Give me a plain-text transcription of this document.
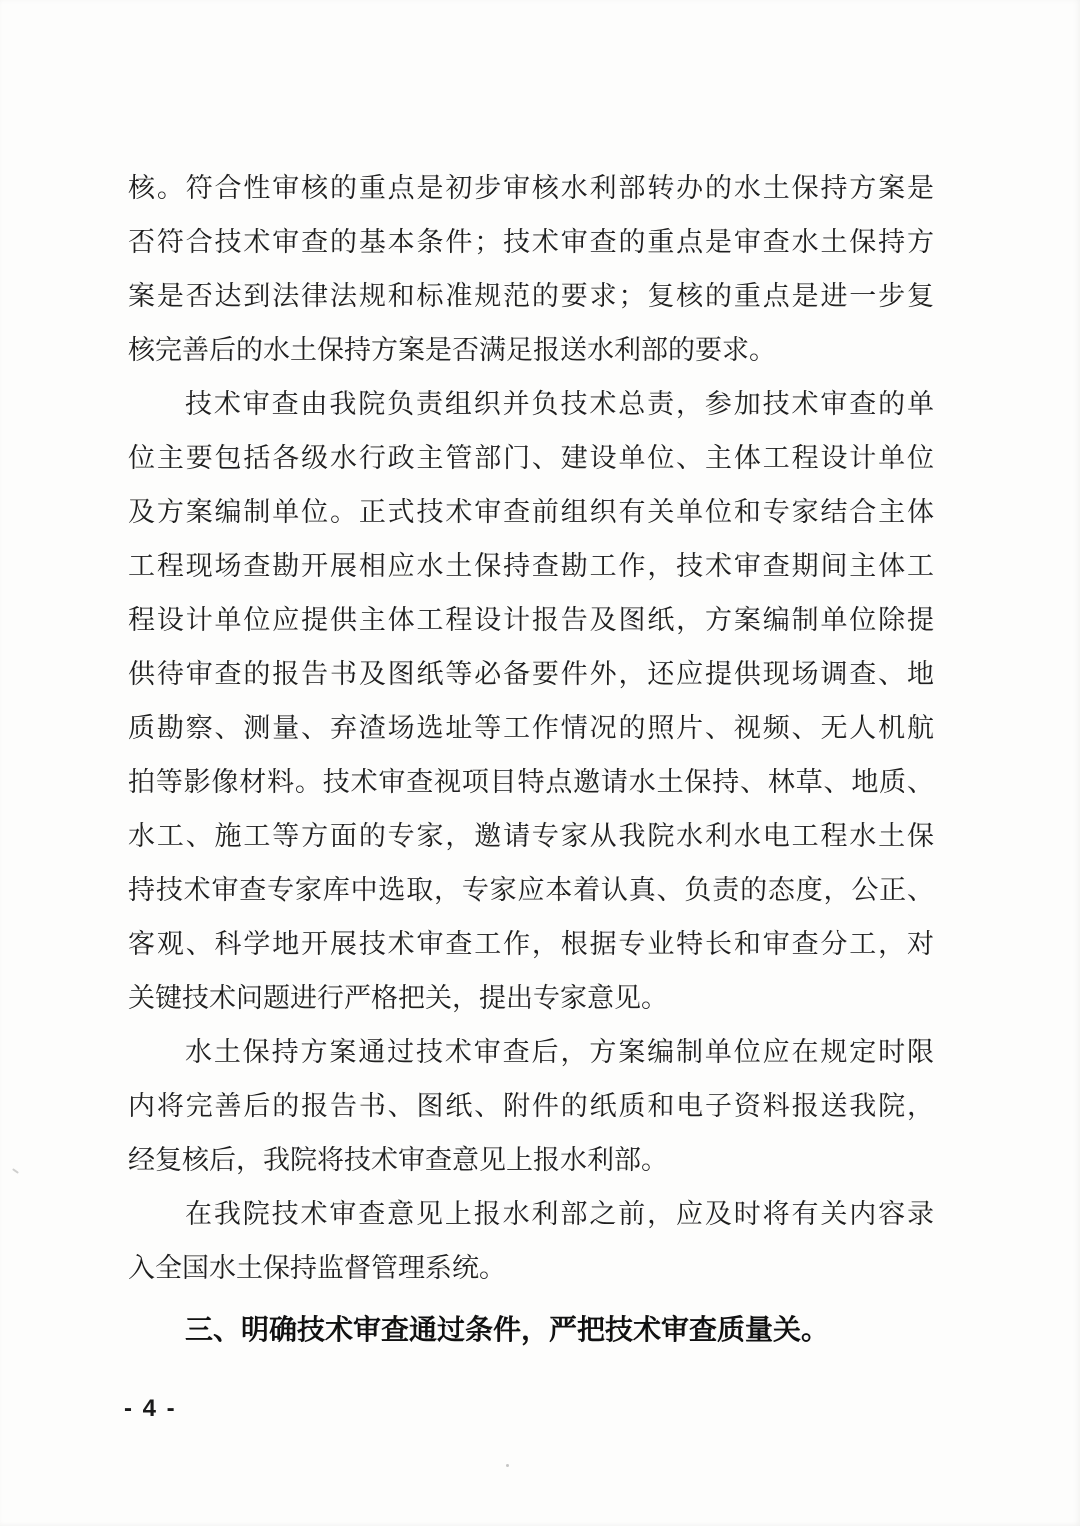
核。符合性审核的重点是初步审核水利部转办的水土保持方案是
否符合技术审查的基本条件；技术审查的重点是审查水土保持方
案是否达到法律法规和标准规范的要求；复核的重点是进一步复
核完善后的水土保持方案是否满足报送水利部的要求。
技术审查由我院负责组织并负技术总责，参加技术审查的单
位主要包括各级水行政主管部门、建设单位、主体工程设计单位
及方案编制单位。正式技术审查前组织有关单位和专家结合主体
工程现场查勘开展相应水土保持查勘工作，技术审查期间主体工
程设计单位应提供主体工程设计报告及图纸，方案编制单位除提
供待审查的报告书及图纸等必备要件外，还应提供现场调查、地
质勘察、测量、弃渣场选址等工作情况的照片、视频、无人机航
拍等影像材料。技术审查视项目特点邀请水土保持、林草、地质、
水工、施工等方面的专家，邀请专家从我院水利水电工程水土保
持技术审查专家库中选取，专家应本着认真、负责的态度，公正、
客观、科学地开展技术审查工作，根据专业特长和审查分工，对
关键技术问题进行严格把关，提出专家意见。
水土保持方案通过技术审查后，方案编制单位应在规定时限
内将完善后的报告书、图纸、附件的纸质和电子资料报送我院，
经复核后，我院将技术审查意见上报水利部。
在我院技术审查意见上报水利部之前，应及时将有关内容录
入全国水土保持监督管理系统。
三、明确技术审查通过条件，严把技术审查质量关。
- 4 -
